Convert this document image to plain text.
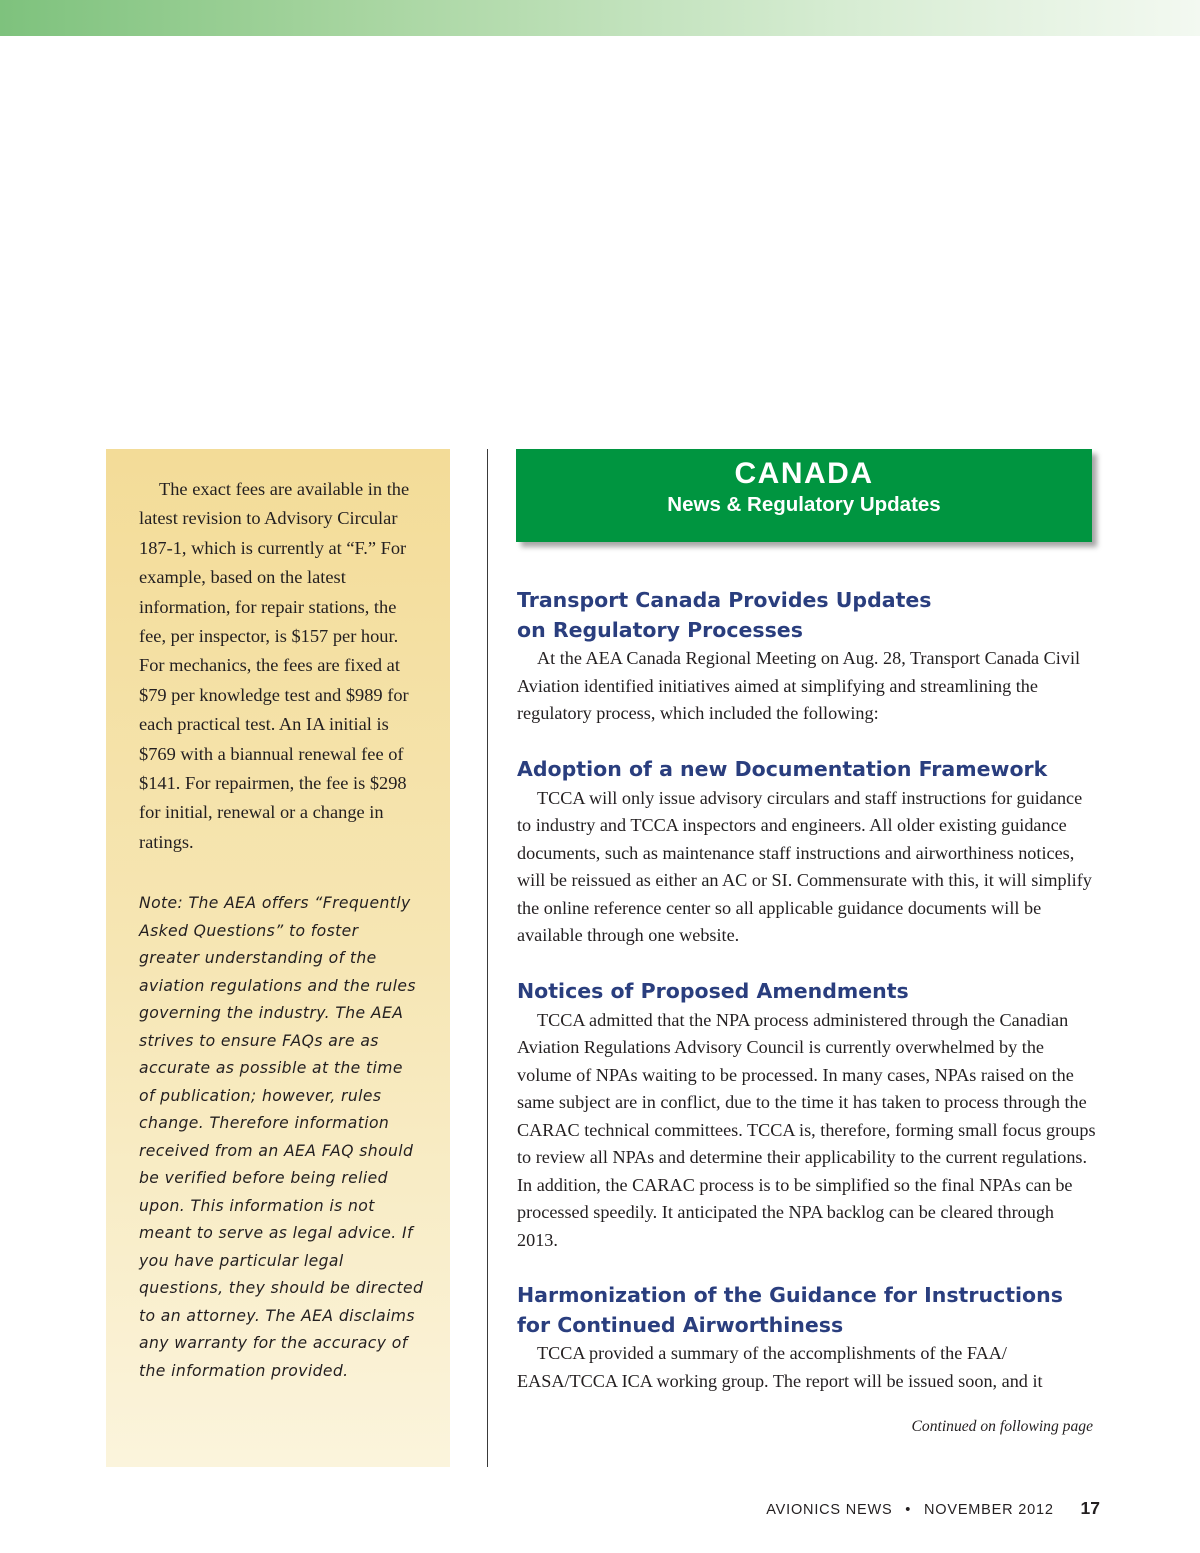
The exact fees are available in the latest revision to Advisory Circular 187-1, which is currently at “F.” For example, based on the latest information, for repair stations, the fee, per inspector, is $157 per hour. For mechanics, the fees are fixed at $79 per knowledge test and $989 for each practical test. An IA initial is $769 with a biannual renewal fee of $141. For repairmen, the fee is $298 for initial, renewal or a change in ratings.

Note: The AEA offers “Frequently Asked Questions” to foster greater understanding of the aviation regulations and the rules governing the industry. The AEA strives to ensure FAQs are as accurate as possible at the time of publication; however, rules change. Therefore information received from an AEA FAQ should be verified before being relied upon. This information is not meant to serve as legal advice. If you have particular legal questions, they should be directed to an attorney. The AEA disclaims any warranty for the accuracy of the information provided.
CANADA
News & Regulatory Updates
Transport Canada Provides Updates
on Regulatory Processes

At the AEA Canada Regional Meeting on Aug. 28, Transport Canada Civil Aviation identified initiatives aimed at simplifying and streamlining the regulatory process, which included the following:

Adoption of a new Documentation Framework

TCCA will only issue advisory circulars and staff instructions for guidance to industry and TCCA inspectors and engineers. All older existing guidance documents, such as maintenance staff instructions and airworthiness notices, will be reissued as either an AC or SI. Commensurate with this, it will simplify the online reference center so all applicable guidance documents will be available through one website.

Notices of Proposed Amendments

TCCA admitted that the NPA process administered through the Canadian Aviation Regulations Advisory Council is currently overwhelmed by the volume of NPAs waiting to be processed. In many cases, NPAs raised on the same subject are in conflict, due to the time it has taken to process through the CARAC technical committees. TCCA is, therefore, forming small focus groups to review all NPAs and determine their applicability to the current regulations. In addition, the CARAC process is to be simplified so the final NPAs can be processed speedily. It anticipated the NPA backlog can be cleared through 2013.

Harmonization of the Guidance for Instructions
for Continued Airworthiness

TCCA provided a summary of the accomplishments of the FAA/ EASA/TCCA ICA working group. The report will be issued soon, and it

Continued on following page
AVIONICS NEWS • NOVEMBER 2012 17
